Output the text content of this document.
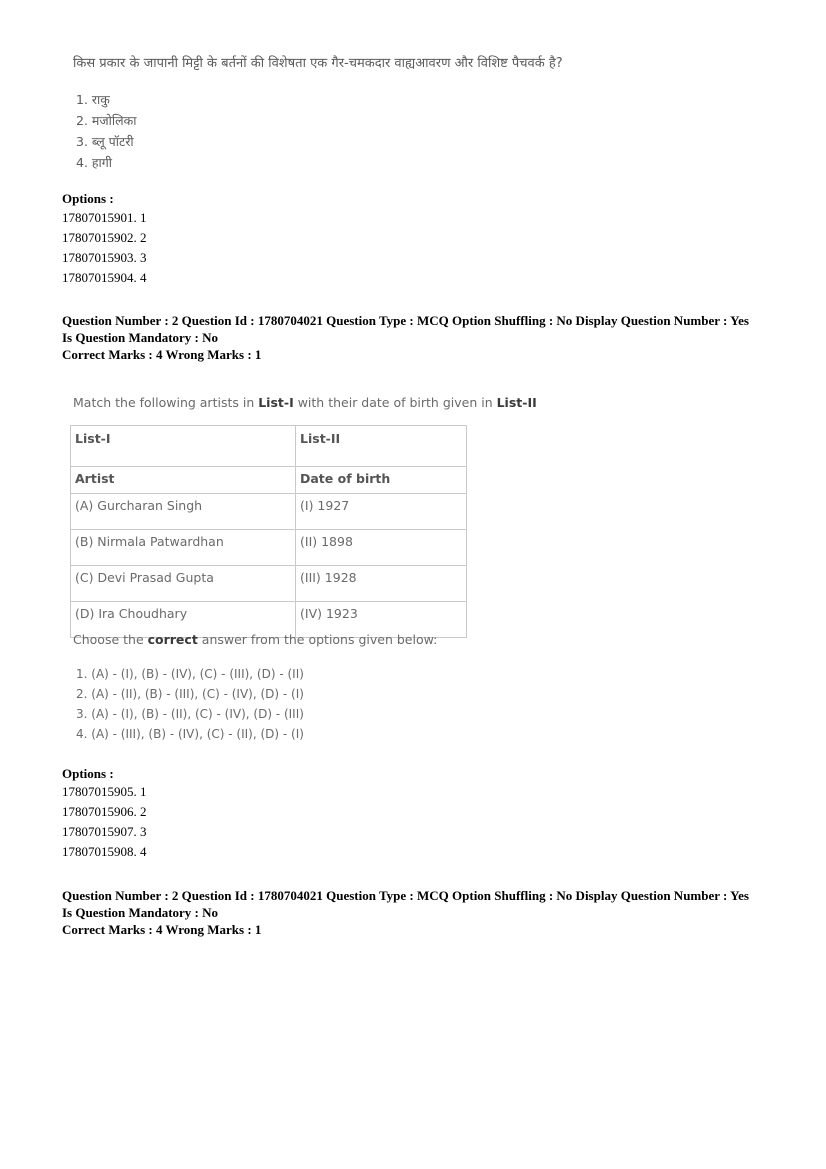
किस प्रकार के जापानी मिट्टी के बर्तनों की विशेषता एक गैर-चमकदार वाह्यआवरण और विशिष्ट पैचवर्क है?
1. राकु
2. मजोलिका
3. ब्लू पॉटरी
4. हागी
Options :
17807015901. 1
17807015902. 2
17807015903. 3
17807015904. 4
Question Number : 2 Question Id : 1780704021 Question Type : MCQ Option Shuffling : No Display Question Number : Yes
Is Question Mandatory : No
Correct Marks : 4 Wrong Marks : 1
Match the following artists in List-I with their date of birth given in List-II
List-I	List-II
Artist	Date of birth
(A) Gurcharan Singh	(I) 1927
(B) Nirmala Patwardhan	(II) 1898
(C) Devi Prasad Gupta	(III) 1928
(D) Ira Choudhary	(IV) 1923
Choose the correct answer from the options given below:
1. (A) - (I), (B) - (IV), (C) - (III), (D) - (II)
2. (A) - (II), (B) - (III), (C) - (IV), (D) - (I)
3. (A) - (I), (B) - (II), (C) - (IV), (D) - (III)
4. (A) - (III), (B) - (IV), (C) - (II), (D) - (I)
Options :
17807015905. 1
17807015906. 2
17807015907. 3
17807015908. 4
Question Number : 2 Question Id : 1780704021 Question Type : MCQ Option Shuffling : No Display Question Number : Yes
Is Question Mandatory : No
Correct Marks : 4 Wrong Marks : 1
